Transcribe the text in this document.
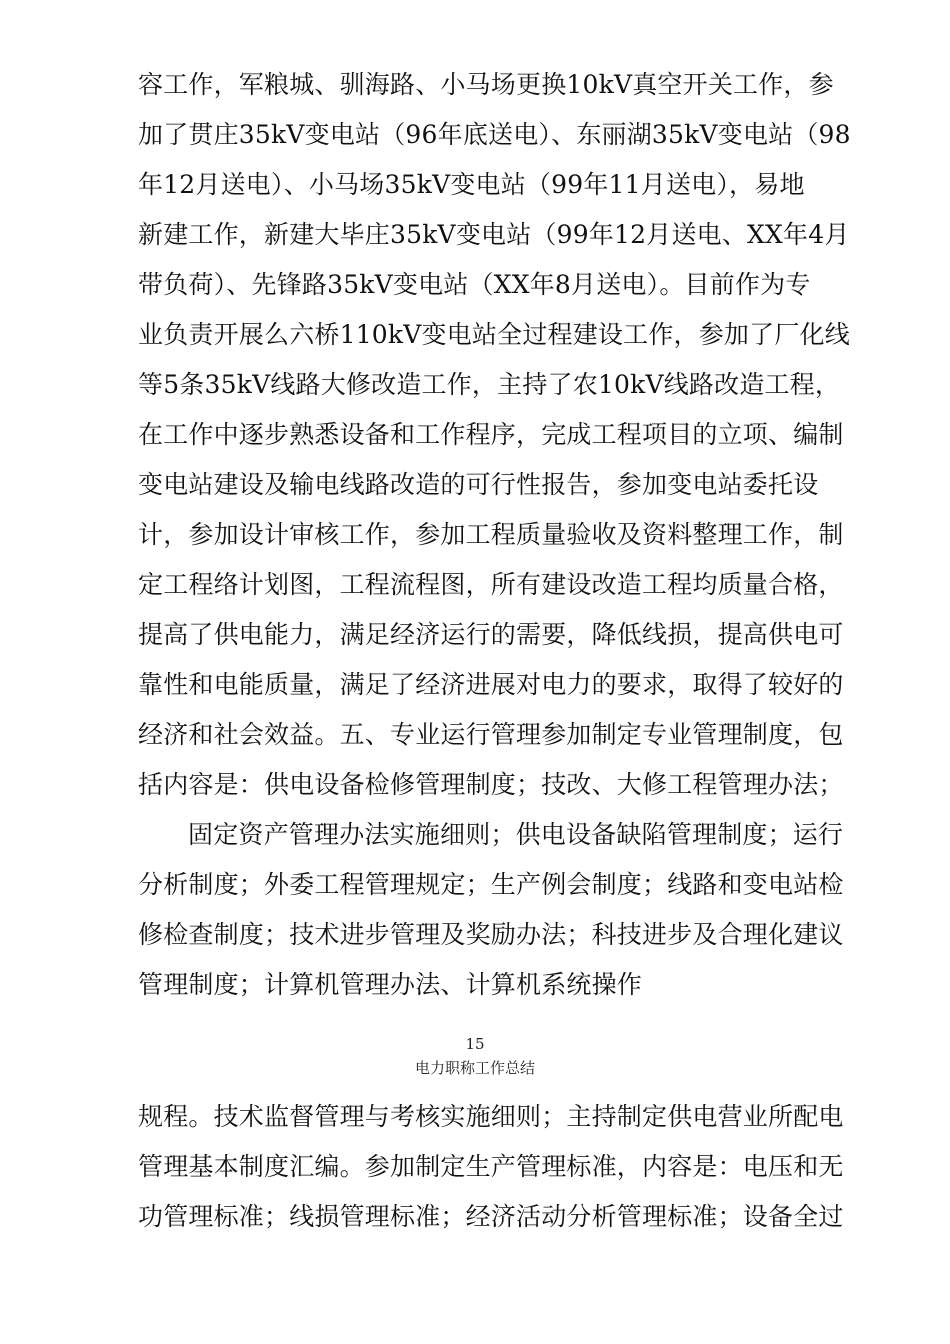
容工作，军粮城、驯海路、小马场更换10kV真空开关工作，参
加了贯庄35kV变电站（96年底送电）、东丽湖35kV变电站（98
年12月送电）、小马场35kV变电站（99年11月送电），易地
新建工作，新建大毕庄35kV变电站（99年12月送电、XX年4月
带负荷）、先锋路35kV变电站（XX年8月送电）。目前作为专
业负责开展么六桥110kV变电站全过程建设工作，参加了厂化线
等5条35kV线路大修改造工作，主持了农10kV线路改造工程，
在工作中逐步熟悉设备和工作程序，完成工程项目的立项、编制
变电站建设及输电线路改造的可行性报告，参加变电站委托设
计，参加设计审核工作，参加工程质量验收及资料整理工作，制
定工程络计划图，工程流程图，所有建设改造工程均质量合格，
提高了供电能力，满足经济运行的需要，降低线损，提高供电可
靠性和电能质量，满足了经济进展对电力的要求，取得了较好的
经济和社会效益。五、专业运行管理参加制定专业管理制度，包
括内容是：供电设备检修管理制度；技改、大修工程管理办法；
固定资产管理办法实施细则；供电设备缺陷管理制度；运行
分析制度；外委工程管理规定；生产例会制度；线路和变电站检
修检查制度；技术进步管理及奖励办法；科技进步及合理化建议
管理制度；计算机管理办法、计算机系统操作
15
电力职称工作总结
规程。技术监督管理与考核实施细则；主持制定供电营业所配电
管理基本制度汇编。参加制定生产管理标准，内容是：电压和无
功管理标准；线损管理标准；经济活动分析管理标准；设备全过
